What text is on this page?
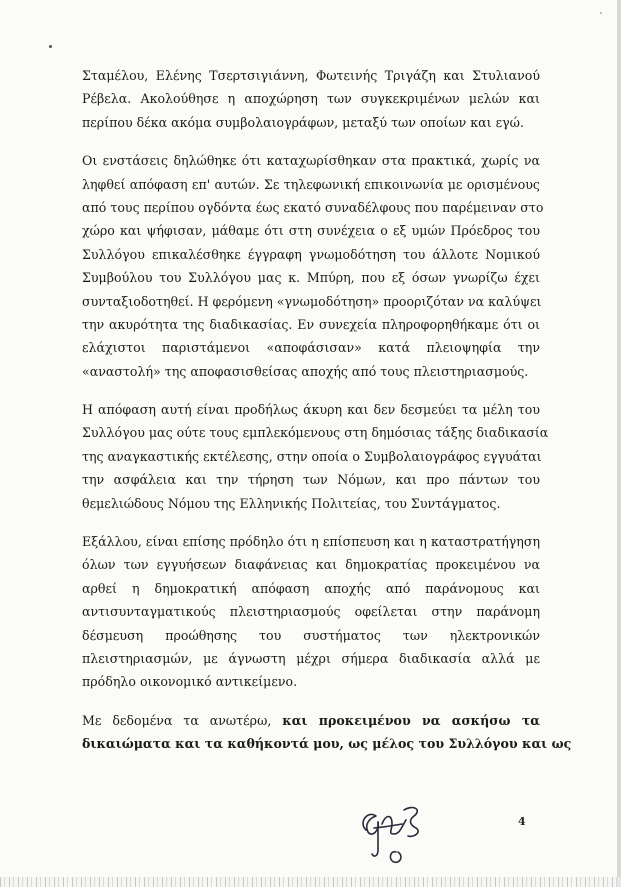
Σταμέλου, Ελένης Τσερτσιγιάννη, Φωτεινής Τριγάζη και Στυλιανού
Ρέβελα. Ακολούθησε η αποχώρηση των συγκεκριμένων μελών και
περίπου δέκα ακόμα συμβολαιογράφων, μεταξύ των οποίων και εγώ.
Οι ενστάσεις δηλώθηκε ότι καταχωρίσθηκαν στα πρακτικά, χωρίς να
ληφθεί απόφαση επ' αυτών. Σε τηλεφωνική επικοινωνία με ορισμένους
από τους περίπου ογδόντα έως εκατό συναδέλφους που παρέμειναν στο
χώρο και ψήφισαν, μάθαμε ότι στη συνέχεια ο εξ υμών Πρόεδρος του
Συλλόγου επικαλέσθηκε έγγραφη γνωμοδότηση του άλλοτε Νομικού
Συμβούλου του Συλλόγου μας κ. Μπύρη, που εξ όσων γνωρίζω έχει
συνταξιοδοτηθεί. Η φερόμενη «γνωμοδότηση» προοριζόταν να καλύψει
την ακυρότητα της διαδικασίας. Εν συνεχεία πληροφορηθήκαμε ότι οι
ελάχιστοι παριστάμενοι «αποφάσισαν» κατά πλειοψηφία την
«αναστολή» της αποφασισθείσας αποχής από τους πλειστηριασμούς.
Η απόφαση αυτή είναι προδήλως άκυρη και δεν δεσμεύει τα μέλη του
Συλλόγου μας ούτε τους εμπλεκόμενους στη δημόσιας τάξης διαδικασία
της αναγκαστικής εκτέλεσης, στην οποία ο Συμβολαιογράφος εγγυάται
την ασφάλεια και την τήρηση των Νόμων, και προ πάντων του
θεμελιώδους Νόμου της Ελληνικής Πολιτείας, του Συντάγματος.
Εξάλλου, είναι επίσης πρόδηλο ότι η επίσπευση και η καταστρατήγηση
όλων των εγγυήσεων διαφάνειας και δημοκρατίας προκειμένου να
αρθεί η δημοκρατική απόφαση αποχής από παράνομους και
αντισυνταγματικούς πλειστηριασμούς οφείλεται στην παράνομη
δέσμευση προώθησης του συστήματος των ηλεκτρονικών
πλειστηριασμών, με άγνωστη μέχρι σήμερα διαδικασία αλλά με
πρόδηλο οικονομικό αντικείμενο.
Με δεδομένα τα ανωτέρω, και προκειμένου να ασκήσω τα
δικαιώματα και τα καθήκοντά μου, ως μέλος του Συλλόγου και ως
4
